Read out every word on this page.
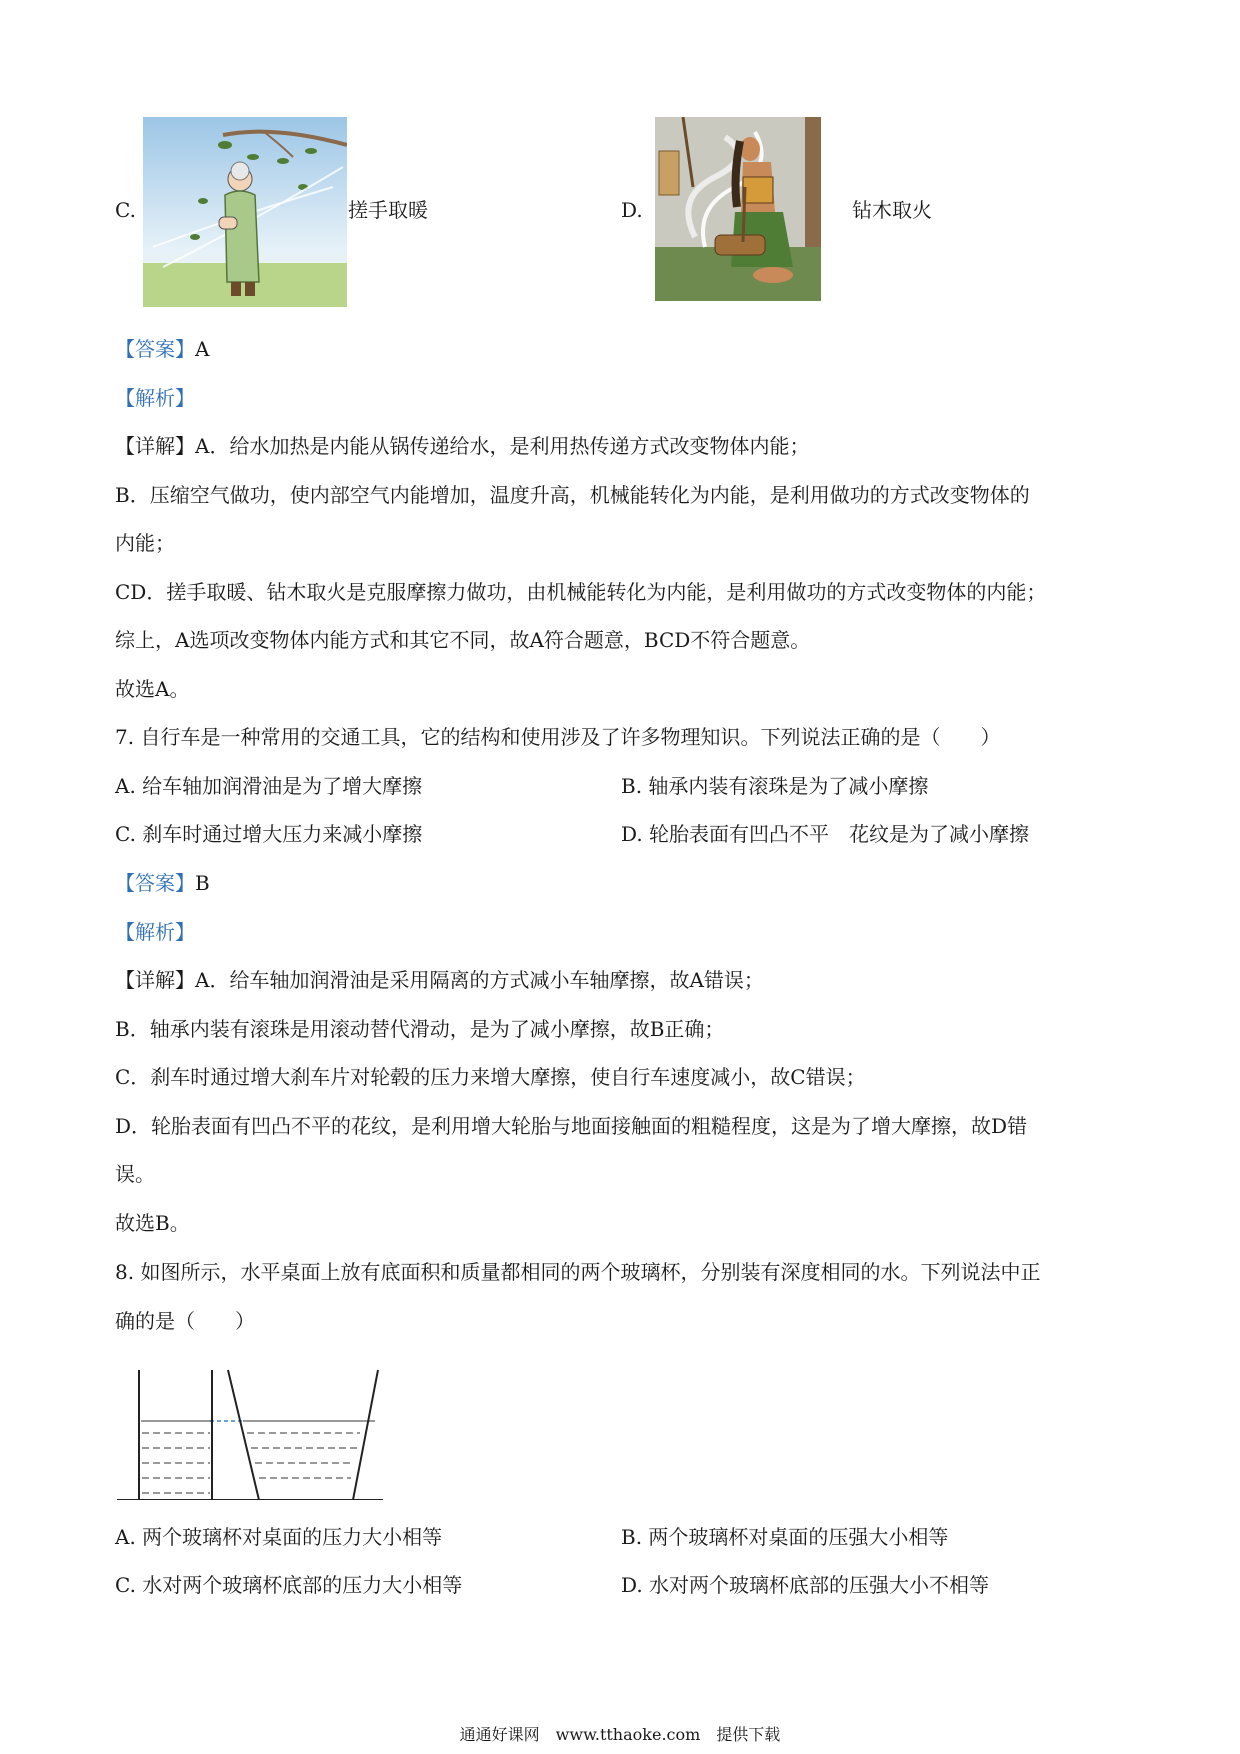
C.	搓手取暖	D.	钻木取火
【答案】A
【解析】
【详解】A．给水加热是内能从锅传递给水，是利用热传递方式改变物体内能；
B．压缩空气做功，使内部空气内能增加，温度升高，机械能转化为内能，是利用做功的方式改变物体的
内能；
CD．搓手取暖、钻木取火是克服摩擦力做功，由机械能转化为内能，是利用做功的方式改变物体的内能；
综上，A选项改变物体内能方式和其它不同，故A符合题意，BCD不符合题意。
故选A。
7. 自行车是一种常用的交通工具，它的结构和使用涉及了许多物理知识。下列说法正确的是（　　）
A. 给车轴加润滑油是为了增大摩擦	B. 轴承内装有滚珠是为了减小摩擦
C. 刹车时通过增大压力来减小摩擦	D. 轮胎表面有凹凸不平　花纹是为了减小摩擦
【答案】B
【解析】
【详解】A．给车轴加润滑油是采用隔离的方式减小车轴摩擦，故A错误；
B．轴承内装有滚珠是用滚动替代滑动，是为了减小摩擦，故B正确；
C．刹车时通过增大刹车片对轮毂的压力来增大摩擦，使自行车速度减小，故C错误；
D．轮胎表面有凹凸不平的花纹，是利用增大轮胎与地面接触面的粗糙程度，这是为了增大摩擦，故D错
误。
故选B。
8. 如图所示，水平桌面上放有底面积和质量都相同的两个玻璃杯，分别装有深度相同的水。下列说法中正
确的是（　　）
A. 两个玻璃杯对桌面的压力大小相等	B. 两个玻璃杯对桌面的压强大小相等
C. 水对两个玻璃杯底部的压力大小相等	D. 水对两个玻璃杯底部的压强大小不相等
通通好课网　www.tthaoke.com　提供下载
